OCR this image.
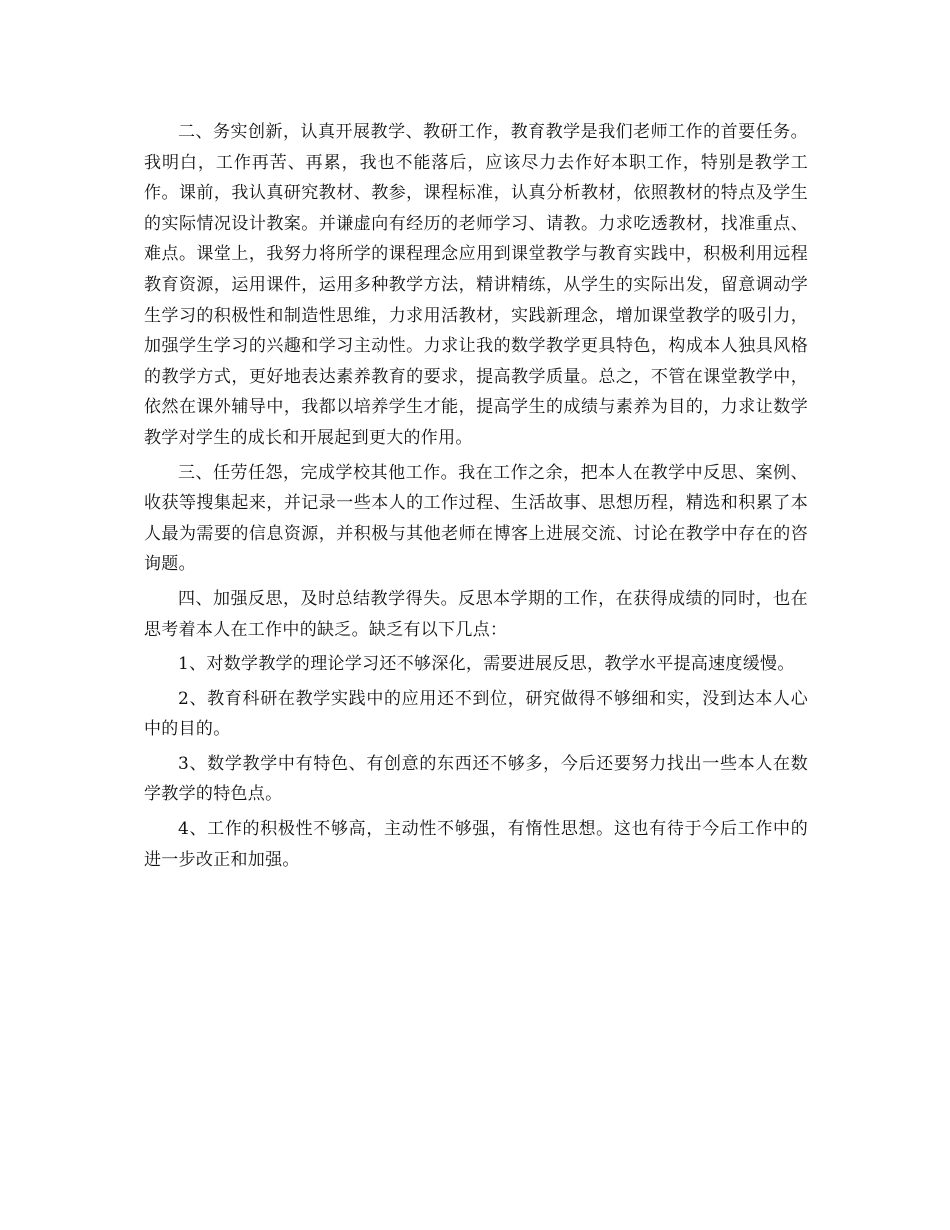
二、务实创新，认真开展教学、教研工作，教育教学是我们老师工作的首要任务。我明白，工作再苦、再累，我也不能落后，应该尽力去作好本职工作，特别是教学工作。课前，我认真研究教材、教参，课程标准，认真分析教材，依照教材的特点及学生的实际情况设计教案。并谦虚向有经历的老师学习、请教。力求吃透教材，找准重点、难点。课堂上，我努力将所学的课程理念应用到课堂教学与教育实践中，积极利用远程教育资源，运用课件，运用多种教学方法，精讲精练，从学生的实际出发，留意调动学生学习的积极性和制造性思维，力求用活教材，实践新理念，增加课堂教学的吸引力，加强学生学习的兴趣和学习主动性。力求让我的数学教学更具特色，构成本人独具风格的教学方式，更好地表达素养教育的要求，提高教学质量。总之，不管在课堂教学中，依然在课外辅导中，我都以培养学生才能，提高学生的成绩与素养为目的，力求让数学教学对学生的成长和开展起到更大的作用。

三、任劳任怨，完成学校其他工作。我在工作之余，把本人在教学中反思、案例、收获等搜集起来，并记录一些本人的工作过程、生活故事、思想历程，精选和积累了本人最为需要的信息资源，并积极与其他老师在博客上进展交流、讨论在教学中存在的咨询题。

四、加强反思，及时总结教学得失。反思本学期的工作，在获得成绩的同时，也在思考着本人在工作中的缺乏。缺乏有以下几点：

1、对数学教学的理论学习还不够深化，需要进展反思，教学水平提高速度缓慢。

2、教育科研在教学实践中的应用还不到位，研究做得不够细和实，没到达本人心中的目的。

3、数学教学中有特色、有创意的东西还不够多，今后还要努力找出一些本人在数学教学的特色点。

4、工作的积极性不够高，主动性不够强，有惰性思想。这也有待于今后工作中的进一步改正和加强。
